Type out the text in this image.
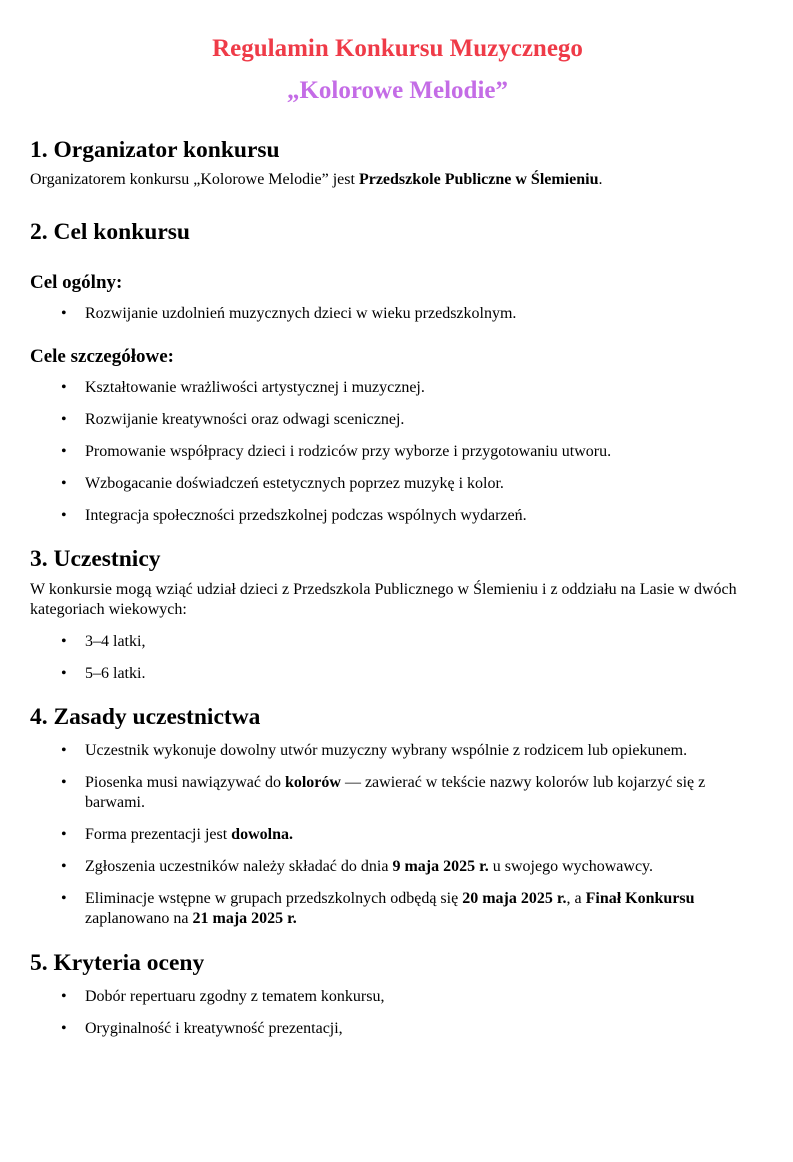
Regulamin Konkursu Muzycznego
„Kolorowe Melodie”
1. Organizator konkursu

Organizatorem konkursu „Kolorowe Melodie” jest Przedszkole Publiczne w Ślemieniu.

2. Cel konkursu
Cel ogólny:
• Rozwijanie uzdolnień muzycznych dzieci w wieku przedszkolnym.
Cele szczegółowe:
• Kształtowanie wrażliwości artystycznej i muzycznej.
• Rozwijanie kreatywności oraz odwagi scenicznej.
• Promowanie współpracy dzieci i rodziców przy wyborze i przygotowaniu utworu.
• Wzbogacanie doświadczeń estetycznych poprzez muzykę i kolor.
• Integracja społeczności przedszkolnej podczas wspólnych wydarzeń.
3. Uczestnicy

W konkursie mogą wziąć udział dzieci z Przedszkola Publicznego w Ślemieniu i z oddziału na Lasie w dwóch kategoriach wiekowych:

• 3–4 latki,
• 5–6 latki.
4. Zasady uczestnictwa
• Uczestnik wykonuje dowolny utwór muzyczny wybrany wspólnie z rodzicem lub opiekunem.
• Piosenka musi nawiązywać do kolorów — zawierać w tekście nazwy kolorów lub kojarzyć się z barwami.
• Forma prezentacji jest dowolna.
• Zgłoszenia uczestników należy składać do dnia 9 maja 2025 r. u swojego wychowawcy.
• Eliminacje wstępne w grupach przedszkolnych odbędą się 20 maja 2025 r., a Finał Konkursu zaplanowano na 21 maja 2025 r.
5. Kryteria oceny
• Dobór repertuaru zgodny z tematem konkursu,
• Oryginalność i kreatywność prezentacji,
